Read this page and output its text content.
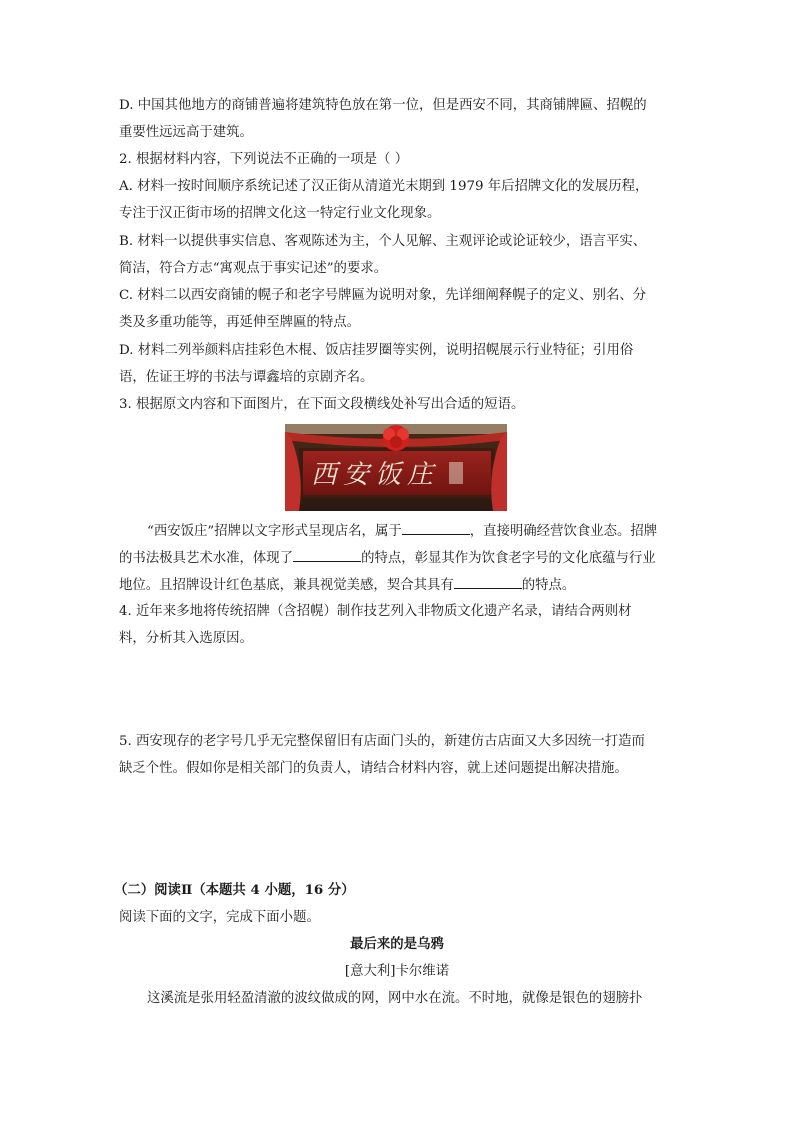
D. 中国其他地方的商铺普遍将建筑特色放在第一位，但是西安不同，其商铺牌匾、招幌的
重要性远远高于建筑。
2. 根据材料内容，下列说法不正确的一项是（ ）
A. 材料一按时间顺序系统记述了汉正街从清道光末期到 1979 年后招牌文化的发展历程，
专注于汉正街市场的招牌文化这一特定行业文化现象。
B. 材料一以提供事实信息、客观陈述为主，个人见解、主观评论或论证较少，语言平实、
简洁，符合方志“寓观点于事实记述”的要求。
C. 材料二以西安商铺的幌子和老字号牌匾为说明对象，先详细阐释幌子的定义、别名、分
类及多重功能等，再延伸至牌匾的特点。
D. 材料二列举颜料店挂彩色木棍、饭店挂罗圈等实例，说明招幌展示行业特征；引用俗
语，佐证王垿的书法与谭鑫培的京剧齐名。
3. 根据原文内容和下面图片，在下面文段横线处补写出合适的短语。
西安饭庄
“西安饭庄”招牌以文字形式呈现店名，属于	，直接明确经营饮食业态。招牌
的书法极具艺术水准，体现了	的特点，彰显其作为饮食老字号的文化底蕴与行业
地位。且招牌设计红色基底，兼具视觉美感，契合其具有	的特点。
4. 近年来多地将传统招牌（含招幌）制作技艺列入非物质文化遗产名录，请结合两则材
料，分析其入选原因。
5. 西安现存的老字号几乎无完整保留旧有店面门头的，新建仿古店面又大多因统一打造而
缺乏个性。假如你是相关部门的负责人，请结合材料内容，就上述问题提出解决措施。
（二）阅读Ⅱ（本题共 4 小题，16 分）
阅读下面的文字，完成下面小题。
最后来的是乌鸦
[意大利]卡尔维诺
这溪流是张用轻盈清澈的波纹做成的网，网中水在流。不时地，就像是银色的翅膀扑
